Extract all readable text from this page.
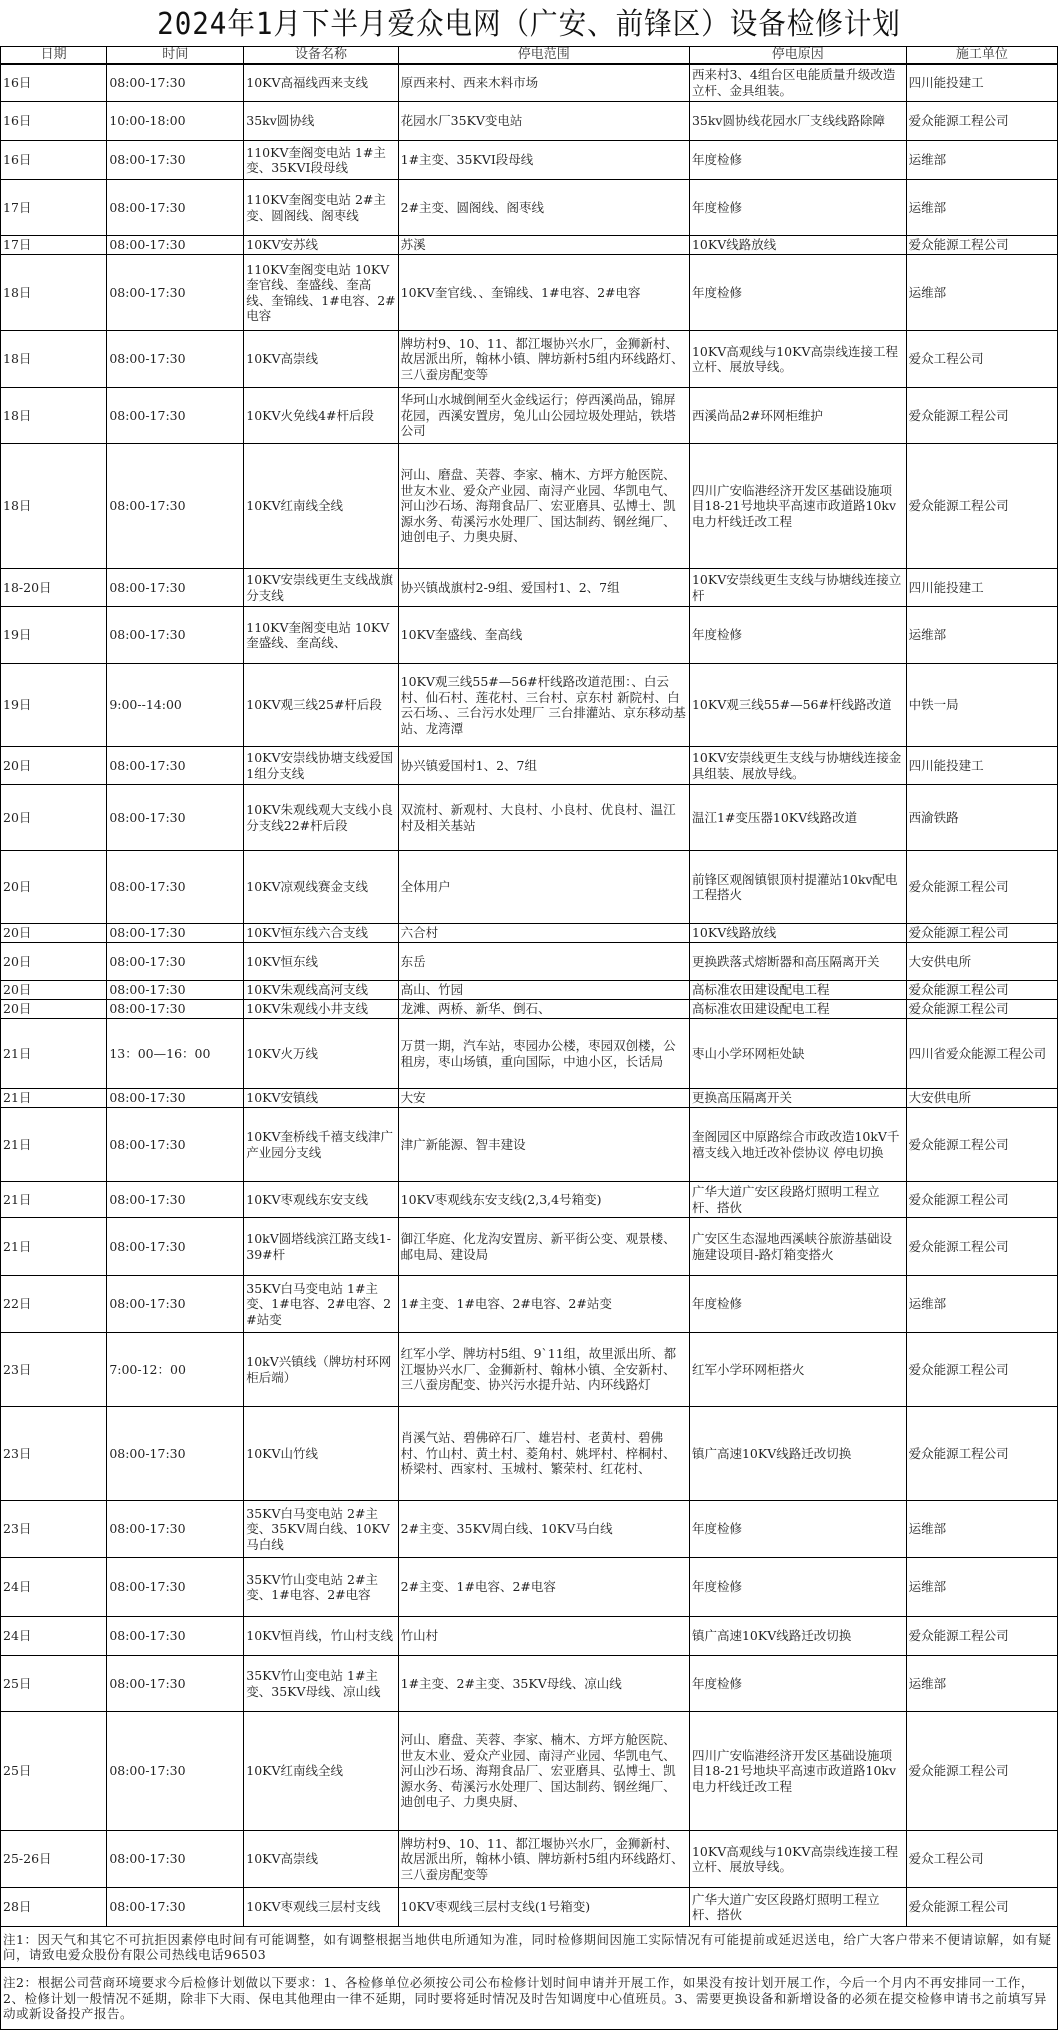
2024年1月下半月爱众电网（广安、前锋区）设备检修计划
日期	时间	设备名称	停电范围	停电原因	施工单位
16日	08:00-17:30	10KV高福线西来支线	原西来村、西来木料市场	西来村3、4组台区电能质量升级改造立杆、金具组装。	四川能投建工
16日	10:00-18:00	35kv圆协线	花园水厂35KV变电站	35kv圆协线花园水厂支线线路除障	爱众能源工程公司
16日	08:00-17:30	110KV奎阁变电站 1#主变、35KVI段母线	1#主变、35KVI段母线	年度检修	运维部
17日	08:00-17:30	110KV奎阁变电站 2#主变、圆阁线、阁枣线	2#主变、圆阁线、阁枣线	年度检修	运维部
17日	08:00-17:30	10KV安苏线	苏溪	10KV线路放线	爱众能源工程公司
18日	08:00-17:30	110KV奎阁变电站 10KV奎官线、奎盛线、奎高线、奎锦线、1#电容、2#电容	10KV奎官线、、奎锦线、1#电容、2#电容	年度检修	运维部
18日	08:00-17:30	10KV高崇线	牌坊村9、10、11、都江堰协兴水厂，金狮新村、故居派出所，翰林小镇、牌坊新村5组内环线路灯、三八蚕房配变等	10KV高观线与10KV高崇线连接工程立杆、展放导线。	爱众工程公司
18日	08:00-17:30	10KV火免线4#杆后段	华珂山水城倒闸至火金线运行；停西溪尚品，锦屏花园，西溪安置房，兔儿山公园垃圾处理站，铁塔公司	西溪尚品2#环网柜维护	爱众能源工程公司
18日	08:00-17:30	10KV红南线全线	河山、磨盘、芙蓉、李家、楠木、方坪方舱医院、世友木业、爱众产业园、南浔产业园、华凯电气、河山沙石场、海翔食品厂、宏亚磨具、弘博士、凯源水务、荀溪污水处理厂、国达制药、钢丝绳厂、迪创电子、力奥央厨、	四川广安临港经济开发区基础设施项目18-21号地块平高速市政道路10kv电力杆线迁改工程	爱众能源工程公司
18-20日	08:00-17:30	10KV安崇线更生支线战旗分支线	协兴镇战旗村2-9组、爱国村1、2、7组	10KV安崇线更生支线与协塘线连接立杆	四川能投建工
19日	08:00-17:30	110KV奎阁变电站 10KV奎盛线、奎高线、	10KV奎盛线、奎高线	年度检修	运维部
19日	9:00--14:00	10KV观三线25#杆后段	10KV观三线55#—56#杆线路改道范围：、白云村、仙石村、莲花村、三台村、京东村 新院村、白云石场、、三台污水处理厂 三台排灌站、京东移动基站、龙湾潭	10KV观三线55#—56#杆线路改道	中铁一局
20日	08:00-17:30	10KV安崇线协塘支线爱国1组分支线	协兴镇爱国村1、2、7组	10KV安崇线更生支线与协塘线连接金具组装、展放导线。	四川能投建工
20日	08:00-17:30	10KV朱观线观大支线小良分支线22#杆后段	双流村、新观村、大良村、小良村、优良村、温江村及相关基站	温江1#变压器10KV线路改道	西渝铁路
20日	08:00-17:30	10KV凉观线赛金支线	全体用户	前锋区观阁镇银顶村提灌站10kv配电工程搭火	爱众能源工程公司
20日	08:00-17:30	10KV恒东线六合支线	六合村	10KV线路放线	爱众能源工程公司
20日	08:00-17:30	10KV恒东线	东岳	更换跌落式熔断器和高压隔离开关	大安供电所
20日	08:00-17:30	10KV朱观线高河支线	高山、竹园	高标准农田建设配电工程	爱众能源工程公司
20日	08:00-17:30	10KV朱观线小井支线	龙滩、两桥、新华、倒石、	高标准农田建设配电工程	爱众能源工程公司
21日	13：00—16：00	10KV火万线	万贯一期，汽车站，枣园办公楼，枣园双创楼，公租房，枣山场镇，重向国际，中迪小区，长话局	枣山小学环网柜处缺	四川省爱众能源工程公司
21日	08:00-17:30	10KV安镇线	大安	更换高压隔离开关	大安供电所
21日	08:00-17:30	10KV奎桥线千禧支线津广产业园分支线	津广新能源、智丰建设	奎阁园区中原路综合市政改造10kV千禧支线入地迁改补偿协议 停电切换	爱众能源工程公司
21日	08:00-17:30	10KV枣观线东安支线	10KV枣观线东安支线(2,3,4号箱变)	广华大道广安区段路灯照明工程立杆、搭伙	爱众能源工程公司
21日	08:00-17:30	10kV圆塔线滨江路支线1-39#杆	御江华庭、化龙沟安置房、新平街公变、观景楼、邮电局、建设局	广安区生态湿地西溪峡谷旅游基础设施建设项目-路灯箱变搭火	爱众能源工程公司
22日	08:00-17:30	35KV白马变电站 1#主变、1#电容、2#电容、2#站变	1#主变、1#电容、2#电容、2#站变	年度检修	运维部
23日	7:00-12：00	10kV兴镇线（牌坊村环网柜后端）	红军小学、牌坊村5组、9`11组，故里派出所、都江堰协兴水厂、金狮新村、翰林小镇、全安新村、三八蚕房配变、协兴污水提升站、内环线路灯	红军小学环网柜搭火	爱众能源工程公司
23日	08:00-17:30	10KV山竹线	肖溪气站、碧佛碎石厂、雄岩村、老黄村、碧佛村、竹山村、黄土村、菱角村、姚坪村、梓桐村、桥梁村、西家村、玉城村、繁荣村、红花村、	镇广高速10KV线路迁改切换	爱众能源工程公司
23日	08:00-17:30	35KV白马变电站 2#主变、35KV周白线、10KV马白线	2#主变、35KV周白线、10KV马白线	年度检修	运维部
24日	08:00-17:30	35KV竹山变电站 2#主变、1#电容、2#电容	2#主变、1#电容、2#电容	年度检修	运维部
24日	08:00-17:30	10KV恒肖线，竹山村支线	竹山村	镇广高速10KV线路迁改切换	爱众能源工程公司
25日	08:00-17:30	35KV竹山变电站 1#主变、35KV母线、凉山线	1#主变、2#主变、35KV母线、凉山线	年度检修	运维部
25日	08:00-17:30	10KV红南线全线	河山、磨盘、芙蓉、李家、楠木、方坪方舱医院、世友木业、爱众产业园、南浔产业园、华凯电气、河山沙石场、海翔食品厂、宏亚磨具、弘博士、凯源水务、荀溪污水处理厂、国达制药、钢丝绳厂、迪创电子、力奥央厨、	四川广安临港经济开发区基础设施项目18-21号地块平高速市政道路10kv电力杆线迁改工程	爱众能源工程公司
25-26日	08:00-17:30	10KV高崇线	牌坊村9、10、11、都江堰协兴水厂，金狮新村、故居派出所，翰林小镇、牌坊新村5组内环线路灯、三八蚕房配变等	10KV高观线与10KV高崇线连接工程立杆、展放导线。	爱众工程公司
28日	08:00-17:30	10KV枣观线三层村支线	10KV枣观线三层村支线(1号箱变)	广华大道广安区段路灯照明工程立杆、搭伙	爱众能源工程公司
注1：因天气和其它不可抗拒因素停电时间有可能调整，如有调整根据当地供电所通知为准，同时检修期间因施工实际情况有可能提前或延迟送电，给广大客户带来不便请谅解，如有疑问，请致电爱众股份有限公司热线电话96503					
注2：根据公司营商环境要求今后检修计划做以下要求：1、各检修单位必须按公司公布检修计划时间申请并开展工作，如果没有按计划开展工作，今后一个月内不再安排同一工作，2、检修计划一般情况不延期，除非下大雨、保电其他理由一律不延期，同时要将延时情况及时告知调度中心值班员。3、需要更换设备和新增设备的必须在提交检修申请书之前填写异动或新设备投产报告。					
